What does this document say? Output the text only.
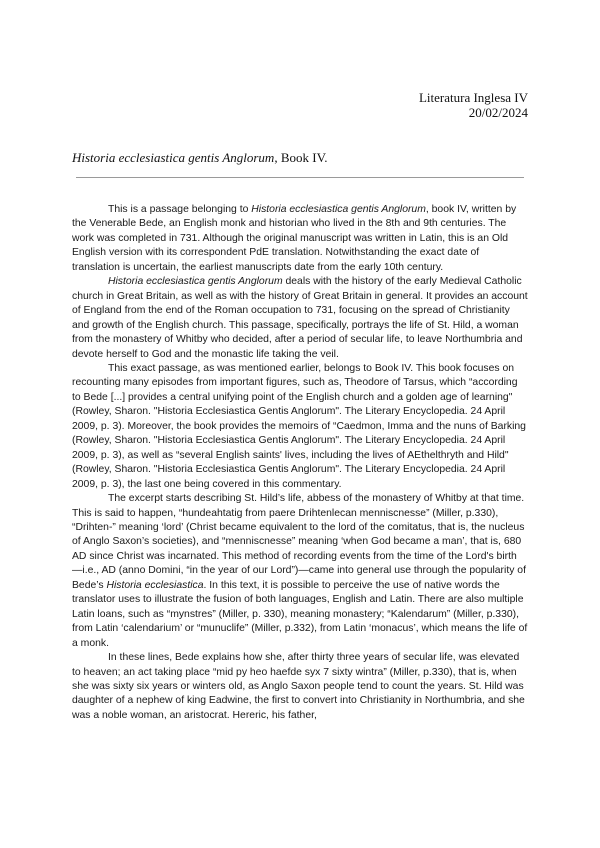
Literatura Inglesa IV
20/02/2024
Historia ecclesiastica gentis Anglorum, Book IV.

This is a passage belonging to Historia ecclesiastica gentis Anglorum, book IV, written by the Venerable Bede, an English monk and historian who lived in the 8th and 9th centuries. The work was completed in 731. Although the original manuscript was written in Latin, this is an Old English version with its correspondent PdE translation. Notwithstanding the exact date of translation is uncertain, the earliest manuscripts date from the early 10th century.

Historia ecclesiastica gentis Anglorum deals with the history of the early Medieval Catholic church in Great Britain, as well as with the history of Great Britain in general. It provides an account of England from the end of the Roman occupation to 731, focusing on the spread of Christianity and growth of the English church. This passage, specifically, portrays the life of St. Hild, a woman from the monastery of Whitby who decided, after a period of secular life, to leave Northumbria and devote herself to God and the monastic life taking the veil.

This exact passage, as was mentioned earlier, belongs to Book IV. This book focuses on recounting many episodes from important figures, such as, Theodore of Tarsus, which “according to Bede [...] provides a central unifying point of the English church and a golden age of learning" (Rowley, Sharon. "Historia Ecclesiastica Gentis Anglorum". The Literary Encyclopedia. 24 April 2009, p. 3). Moreover, the book provides the memoirs of “Caedmon, Imma and the nuns of Barking (Rowley, Sharon. "Historia Ecclesiastica Gentis Anglorum". The Literary Encyclopedia. 24 April 2009, p. 3), as well as “several English saints' lives, including the lives of AEthelthryth and Hild" (Rowley, Sharon. "Historia Ecclesiastica Gentis Anglorum". The Literary Encyclopedia. 24 April 2009, p. 3), the last one being covered in this commentary.

The excerpt starts describing St. Hild’s life, abbess of the monastery of Whitby at that time. This is said to happen, “hundeahtatig from paere Drihtenlecan menniscnesse” (Miller, p.330), “Drihten-” meaning ‘lord’ (Christ became equivalent to the lord of the comitatus, that is, the nucleus of Anglo Saxon’s societies), and “menniscnesse” meaning ‘when God became a man’, that is, 680 AD since Christ was incarnated. This method of recording events from the time of the Lord's birth —i.e., AD (anno Domini, “in the year of our Lord”)—came into general use through the popularity of Bede’s Historia ecclesiastica. In this text, it is possible to perceive the use of native words the translator uses to illustrate the fusion of both languages, English and Latin. There are also multiple Latin loans, such as “mynstres” (Miller, p. 330), meaning monastery; “Kalendarum” (Miller, p.330), from Latin ‘calendarium’ or “munuclife” (Miller, p.332), from Latin ‘monacus’, which means the life of a monk.

In these lines, Bede explains how she, after thirty three years of secular life, was elevated to heaven; an act taking place “mid py heo haefde syx 7 sixty wintra” (Miller, p.330), that is, when she was sixty six years or winters old, as Anglo Saxon people tend to count the years. St. Hild was daughter of a nephew of king Eadwine, the first to convert into Christianity in Northumbria, and she was a noble woman, an aristocrat. Hereric, his father,
